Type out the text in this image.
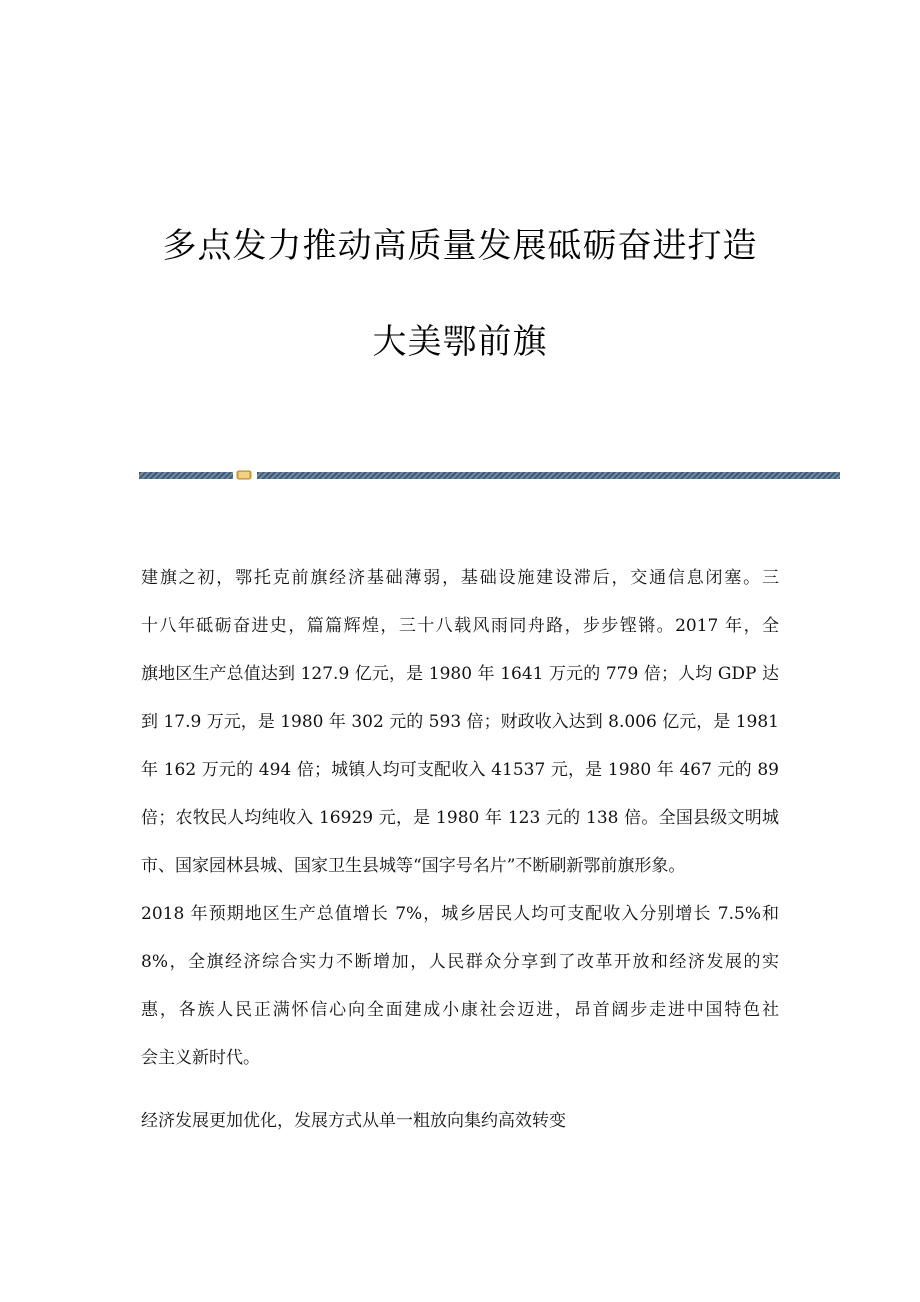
多点发力推动高质量发展砥砺奋进打造
大美鄂前旗
建旗之初，鄂托克前旗经济基础薄弱，基础设施建设滞后，交通信息闭塞。三
十八年砥砺奋进史，篇篇辉煌，三十八载风雨同舟路，步步铿锵。2017 年，全
旗地区生产总值达到 127.9 亿元，是 1980 年 1641 万元的 779 倍；人均 GDP 达
到 17.9 万元，是 1980 年 302 元的 593 倍；财政收入达到 8.006 亿元，是 1981
年 162 万元的 494 倍；城镇人均可支配收入 41537 元，是 1980 年 467 元的 89
倍；农牧民人均纯收入 16929 元，是 1980 年 123 元的 138 倍。全国县级文明城
市、国家园林县城、国家卫生县城等“国字号名片”不断刷新鄂前旗形象。
2018 年预期地区生产总值增长 7%，城乡居民人均可支配收入分别增长 7.5%和
8%，全旗经济综合实力不断增加，人民群众分享到了改革开放和经济发展的实
惠，各族人民正满怀信心向全面建成小康社会迈进，昂首阔步走进中国特色社
会主义新时代。
经济发展更加优化，发展方式从单一粗放向集约高效转变
